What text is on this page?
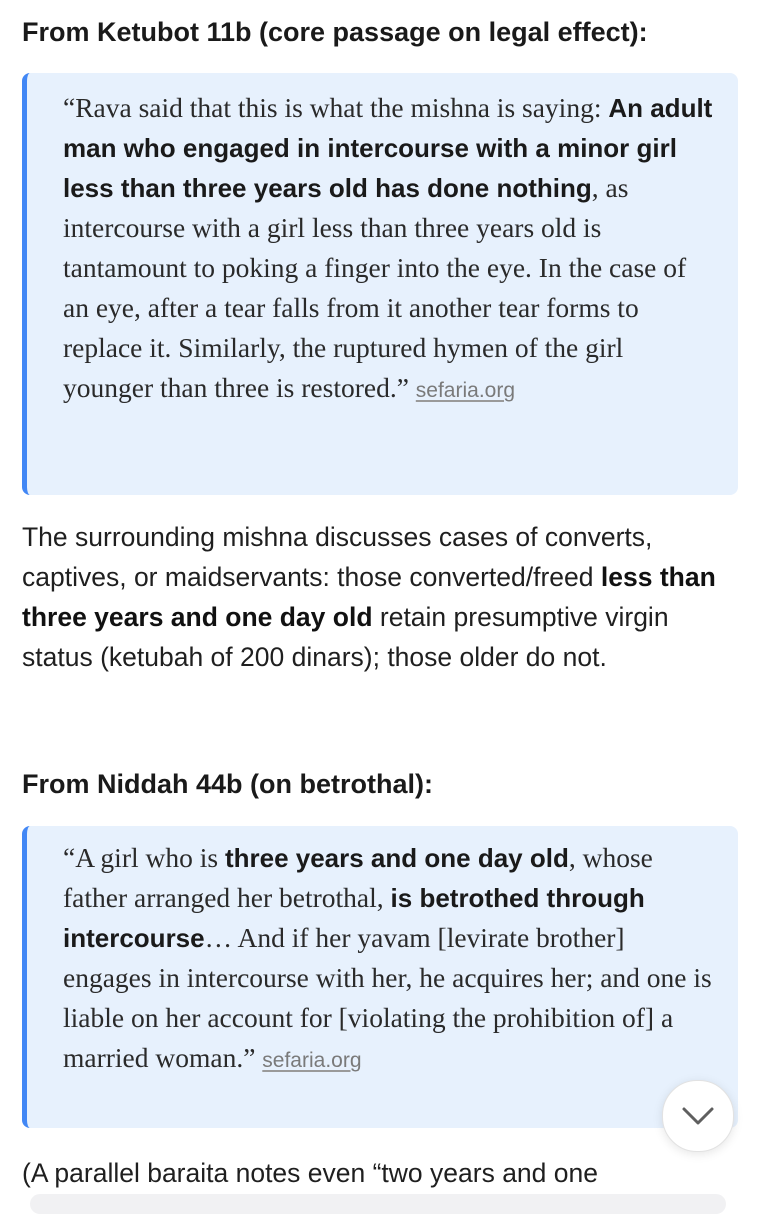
From Ketubot 11b (core passage on legal effect):
“Rava said that this is what the mishna is saying: An adult man who engaged in intercourse with a minor girl less than three years old has done nothing, as intercourse with a girl less than three years old is tantamount to poking a finger into the eye. In the case of an eye, after a tear falls from it another tear forms to replace it. Similarly, the ruptured hymen of the girl younger than three is restored.” sefaria.org

The surrounding mishna discusses cases of converts, captives, or maidservants: those converted/freed less than three years and one day old retain presumptive virgin status (ketubah of 200 dinars); those older do not.

From Niddah 44b (on betrothal):
“A girl who is three years and one day old, whose father arranged her betrothal, is betrothed through intercourse… And if her yavam [levirate brother] engages in intercourse with her, he acquires her; and one is liable on her account for [violating the prohibition of] a married woman.” sefaria.org

(A parallel baraita notes even “two years and one
